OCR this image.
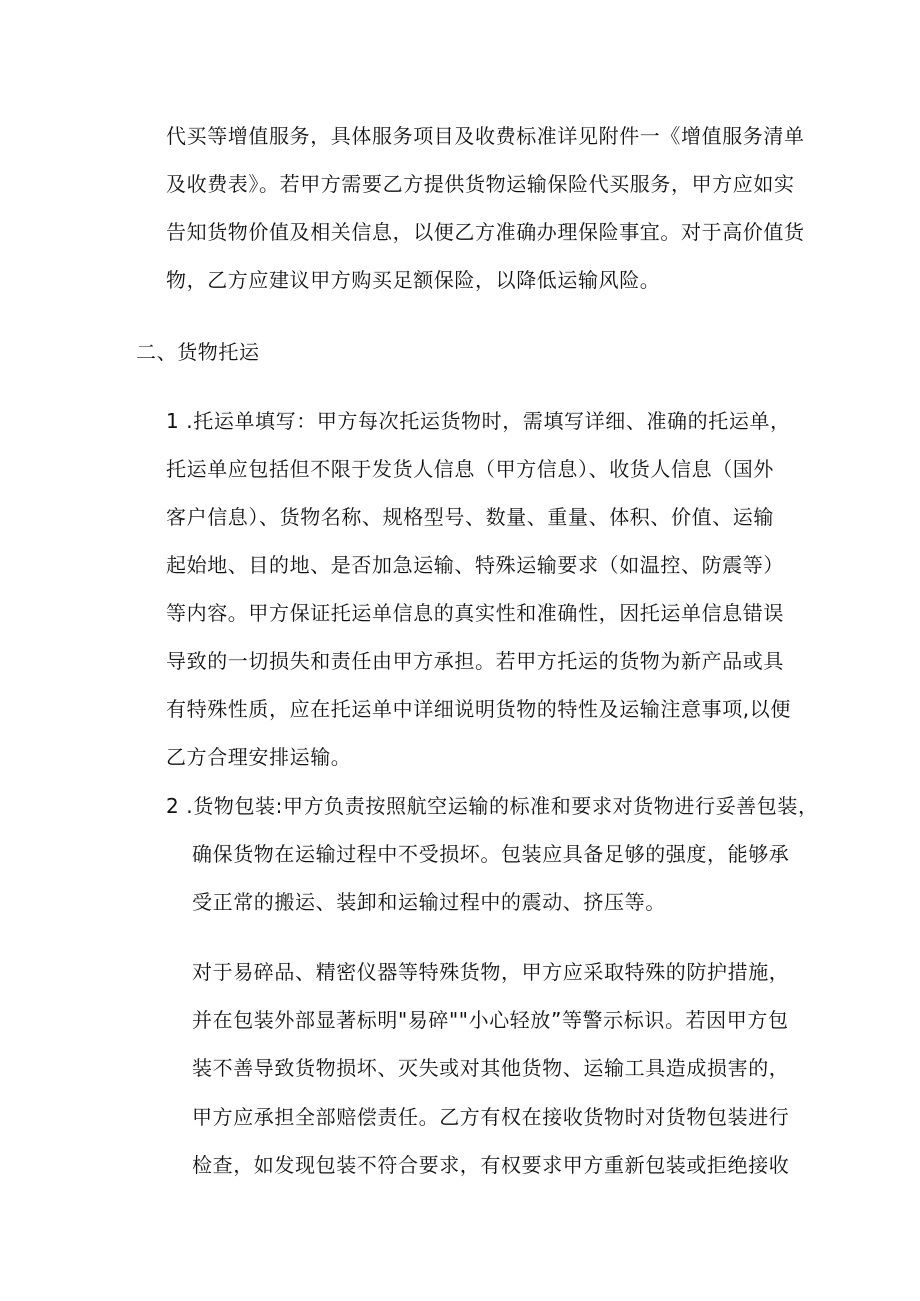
代买等增值服务，具体服务项目及收费标准详见附件一《增值服务清单
及收费表》。若甲方需要乙方提供货物运输保险代买服务，甲方应如实
告知货物价值及相关信息，以便乙方准确办理保险事宜。对于高价值货
物，乙方应建议甲方购买足额保险，以降低运输风险。
二、货物托运
1 .托运单填写：甲方每次托运货物时，需填写详细、准确的托运单，
托运单应包括但不限于发货人信息（甲方信息）、收货人信息（国外
客户信息）、货物名称、规格型号、数量、重量、体积、价值、运输
起始地、目的地、是否加急运输、特殊运输要求（如温控、防震等）
等内容。甲方保证托运单信息的真实性和准确性，因托运单信息错误
导致的一切损失和责任由甲方承担。若甲方托运的货物为新产品或具
有特殊性质，应在托运单中详细说明货物的特性及运输注意事项,以便
乙方合理安排运输。
2 .货物包装:甲方负责按照航空运输的标准和要求对货物进行妥善包装，
确保货物在运输过程中不受损坏。包装应具备足够的强度，能够承
受正常的搬运、装卸和运输过程中的震动、挤压等。
对于易碎品、精密仪器等特殊货物，甲方应采取特殊的防护措施，
并在包装外部显著标明"易碎""小心轻放”等警示标识。若因甲方包
装不善导致货物损坏、灭失或对其他货物、运输工具造成损害的，
甲方应承担全部赔偿责任。乙方有权在接收货物时对货物包装进行
检查，如发现包装不符合要求，有权要求甲方重新包装或拒绝接收
